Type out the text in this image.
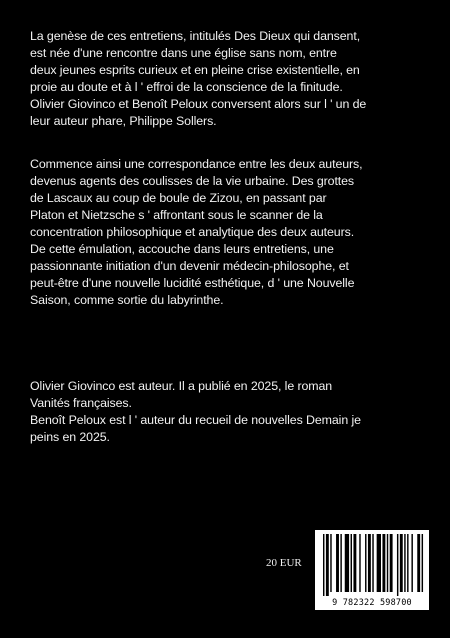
La genèse de ces entretiens, intitulés Des Dieux qui dansent,
est née d'une rencontre dans une église sans nom, entre
deux jeunes esprits curieux et en pleine crise existentielle, en
proie au doute et à l ' effroi de la conscience de la finitude.
Olivier Giovinco et Benoît Peloux conversent alors sur l ' un de
leur auteur phare, Philippe Sollers.

Commence ainsi une correspondance entre les deux auteurs,
devenus agents des coulisses de la vie urbaine. Des grottes
de Lascaux au coup de boule de Zizou, en passant par
Platon et Nietzsche s ' affrontant sous le scanner de la
concentration philosophique et analytique des deux auteurs.
De cette émulation, accouche dans leurs entretiens, une
passionnante initiation d'un devenir médecin-philosophe, et
peut-être d'une nouvelle lucidité esthétique, d ' une Nouvelle
Saison, comme sortie du labyrinthe.

Olivier Giovinco est auteur. Il a publié en 2025, le roman
Vanités françaises.
Benoît Peloux est l ' auteur du recueil de nouvelles Demain je
peins en 2025.

20 EUR
9 782322 598700
